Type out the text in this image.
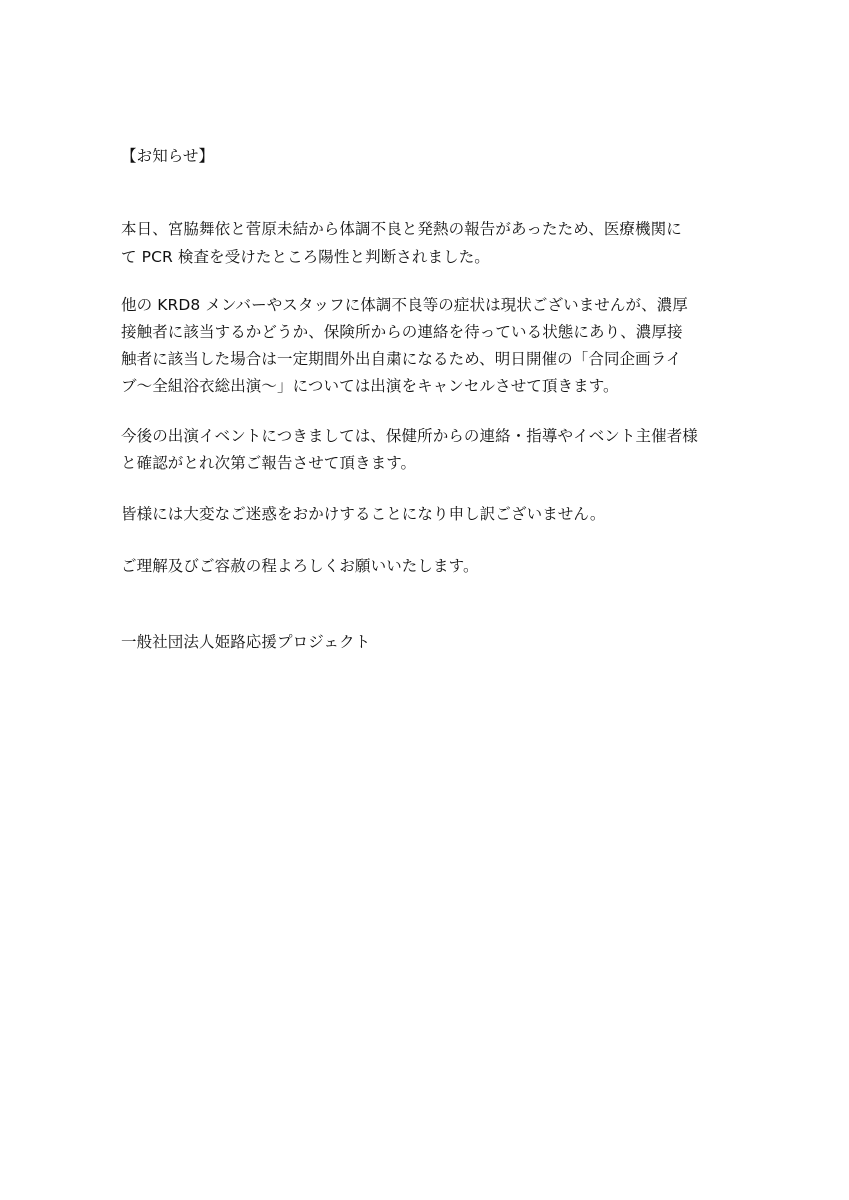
【お知らせ】

本日、宮脇舞依と菅原未結から体調不良と発熱の報告があったため、医療機関に

て PCR 検査を受けたところ陽性と判断されました。

他の KRD8 メンバーやスタッフに体調不良等の症状は現状ございませんが、濃厚

接触者に該当するかどうか、保険所からの連絡を待っている状態にあり、濃厚接

触者に該当した場合は一定期間外出自粛になるため、明日開催の「合同企画ライ

ブ～全組浴衣総出演～」については出演をキャンセルさせて頂きます。

今後の出演イベントにつきましては、保健所からの連絡・指導やイベント主催者様

と確認がとれ次第ご報告させて頂きます。

皆様には大変なご迷惑をおかけすることになり申し訳ございません。

ご理解及びご容赦の程よろしくお願いいたします。

一般社団法人姫路応援プロジェクト
